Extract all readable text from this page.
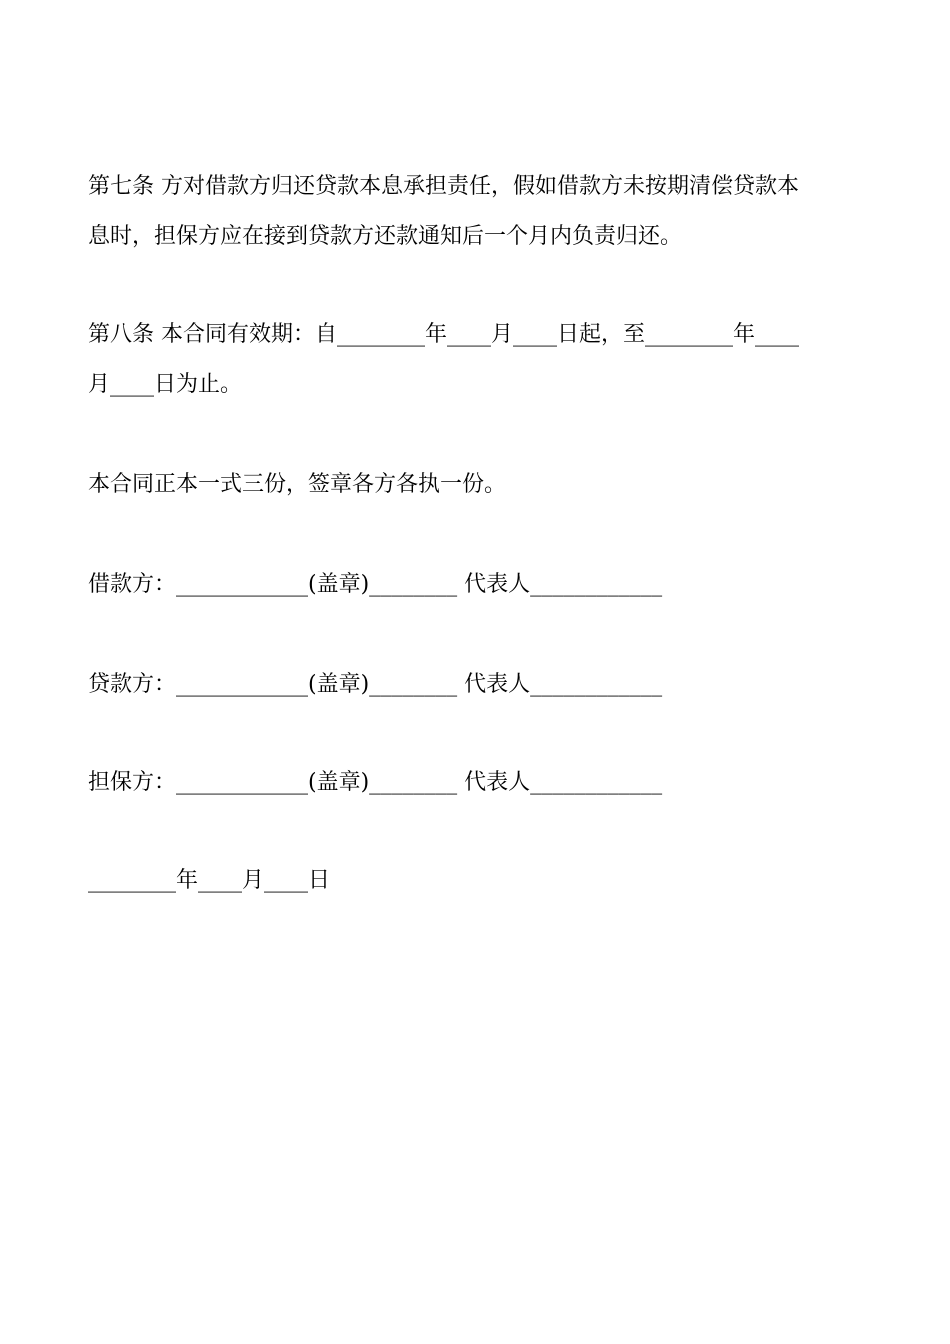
第七条 方对借款方归还贷款本息承担责任，假如借款方未按期清偿贷款本
息时，担保方应在接到贷款方还款通知后一个月内负责归还。
第八条 本合同有效期：自________年____月____日起，至________年____
月____日为止。
本合同正本一式三份，签章各方各执一份。
借款方：____________(盖章)________ 代表人____________
贷款方：____________(盖章)________ 代表人____________
担保方：____________(盖章)________ 代表人____________
________年____月____日
